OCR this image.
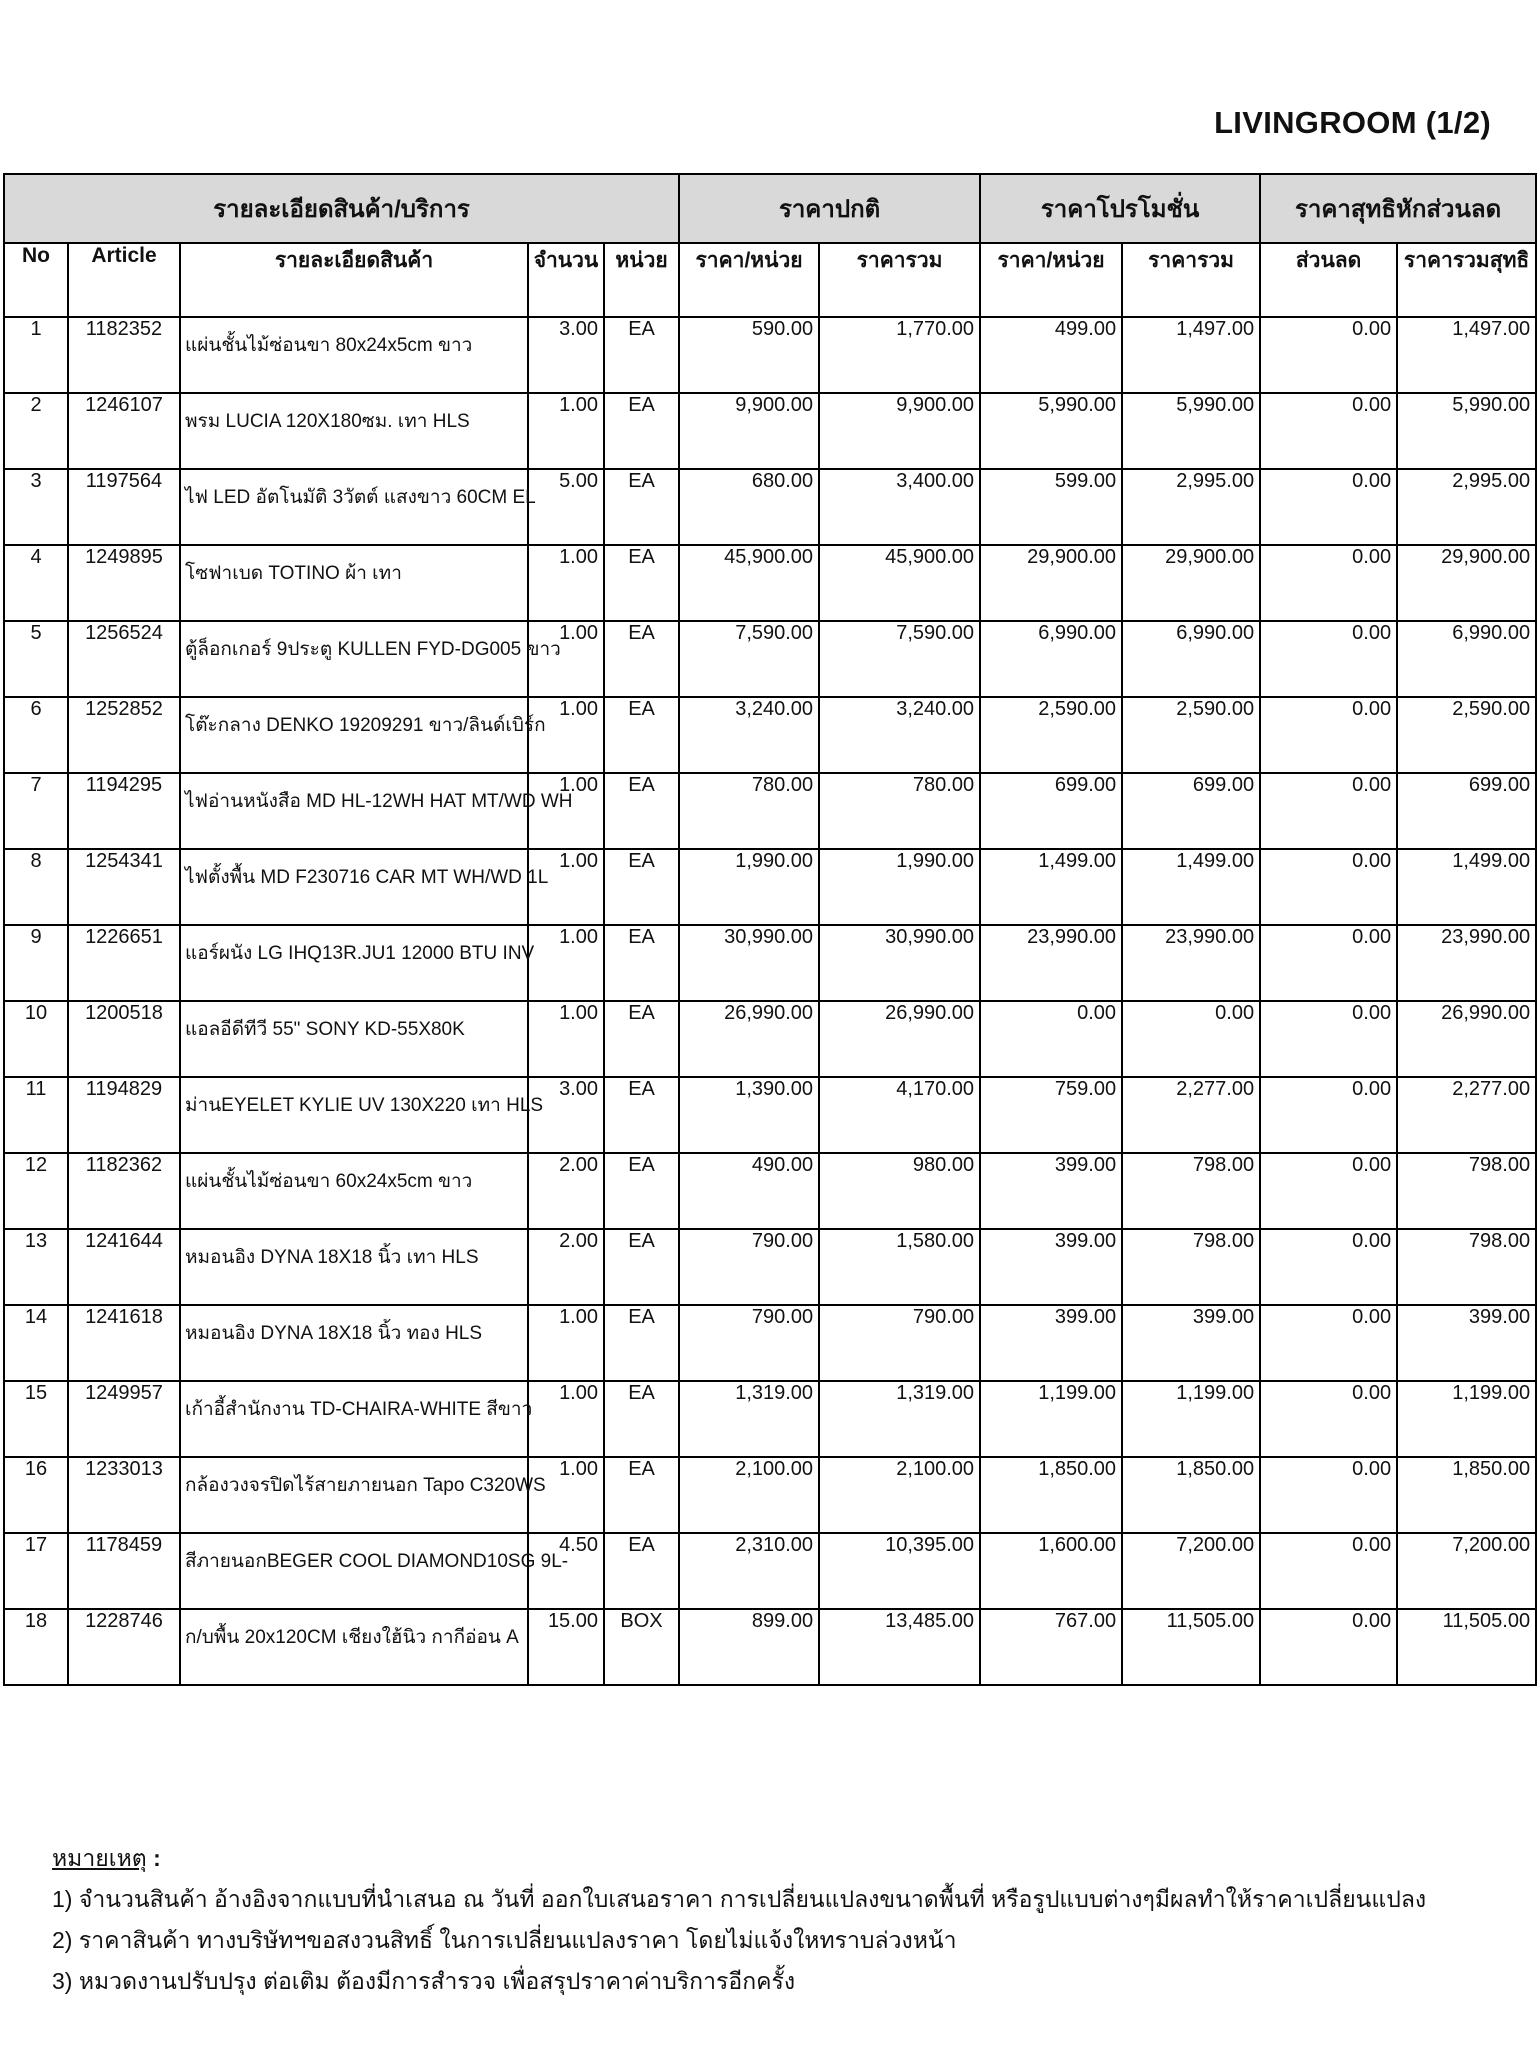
LIVINGROOM (1/2)
รายละเอียดสินค้า/บริการ					ราคาปกติ		ราคาโปรโมชั่น		ราคาสุทธิหักส่วนลด	
No	Article	รายละเอียดสินค้า	จำนวน	หน่วย	ราคา/หน่วย	ราคารวม	ราคา/หน่วย	ราคารวม	ส่วนลด	ราคารวมสุทธิ
1	1182352	แผ่นชั้นไม้ซ่อนขา 80x24x5cm ขาว	3.00	EA	590.00	1,770.00	499.00	1,497.00	0.00	1,497.00
2	1246107	พรม LUCIA 120X180ซม. เทา HLS	1.00	EA	9,900.00	9,900.00	5,990.00	5,990.00	0.00	5,990.00
3	1197564	ไฟ LED อัตโนมัติ 3วัตต์ แสงขาว 60CM EL	5.00	EA	680.00	3,400.00	599.00	2,995.00	0.00	2,995.00
4	1249895	โซฟาเบด TOTINO ผ้า เทา	1.00	EA	45,900.00	45,900.00	29,900.00	29,900.00	0.00	29,900.00
5	1256524	ตู้ล็อกเกอร์ 9ประตู KULLEN FYD-DG005 ขาว	1.00	EA	7,590.00	7,590.00	6,990.00	6,990.00	0.00	6,990.00
6	1252852	โต๊ะกลาง DENKO 19209291 ขาว/ลินด์เบิร์ก	1.00	EA	3,240.00	3,240.00	2,590.00	2,590.00	0.00	2,590.00
7	1194295	ไฟอ่านหนังสือ MD HL-12WH HAT MT/WD WH	1.00	EA	780.00	780.00	699.00	699.00	0.00	699.00
8	1254341	ไฟตั้งพื้น MD F230716 CAR MT WH/WD 1L	1.00	EA	1,990.00	1,990.00	1,499.00	1,499.00	0.00	1,499.00
9	1226651	แอร์ผนัง LG IHQ13R.JU1 12000 BTU INV	1.00	EA	30,990.00	30,990.00	23,990.00	23,990.00	0.00	23,990.00
10	1200518	แอลอีดีทีวี 55" SONY KD-55X80K	1.00	EA	26,990.00	26,990.00	0.00	0.00	0.00	26,990.00
11	1194829	ม่านEYELET KYLIE UV 130X220 เทา HLS	3.00	EA	1,390.00	4,170.00	759.00	2,277.00	0.00	2,277.00
12	1182362	แผ่นชั้นไม้ซ่อนขา 60x24x5cm ขาว	2.00	EA	490.00	980.00	399.00	798.00	0.00	798.00
13	1241644	หมอนอิง DYNA 18X18 นิ้ว เทา HLS	2.00	EA	790.00	1,580.00	399.00	798.00	0.00	798.00
14	1241618	หมอนอิง DYNA 18X18 นิ้ว ทอง HLS	1.00	EA	790.00	790.00	399.00	399.00	0.00	399.00
15	1249957	เก้าอี้สำนักงาน TD-CHAIRA-WHITE สีขาว	1.00	EA	1,319.00	1,319.00	1,199.00	1,199.00	0.00	1,199.00
16	1233013	กล้องวงจรปิดไร้สายภายนอก Tapo C320WS	1.00	EA	2,100.00	2,100.00	1,850.00	1,850.00	0.00	1,850.00
17	1178459	สีภายนอกBEGER COOL DIAMOND10SG 9L-	4.50	EA	2,310.00	10,395.00	1,600.00	7,200.00	0.00	7,200.00
18	1228746	ก/บพื้น 20x120CM เชียงใฮ้นิว กากีอ่อน A	15.00	BOX	899.00	13,485.00	767.00	11,505.00	0.00	11,505.00
หมายเหตุ :
1) จำนวนสินค้า อ้างอิงจากแบบที่นำเสนอ ณ วันที่ ออกใบเสนอราคา การเปลี่ยนแปลงขนาดพื้นที่ หรือรูปแบบต่างๆมีผลทำให้ราคาเปลี่ยนแปลง
2) ราคาสินค้า ทางบริษัทฯขอสงวนสิทธิ์ ในการเปลี่ยนแปลงราคา โดยไม่แจ้งใหทราบล่วงหน้า
3) หมวดงานปรับปรุง ต่อเติม ต้องมีการสำรวจ เพื่อสรุปราคาค่าบริการอีกครั้ง
